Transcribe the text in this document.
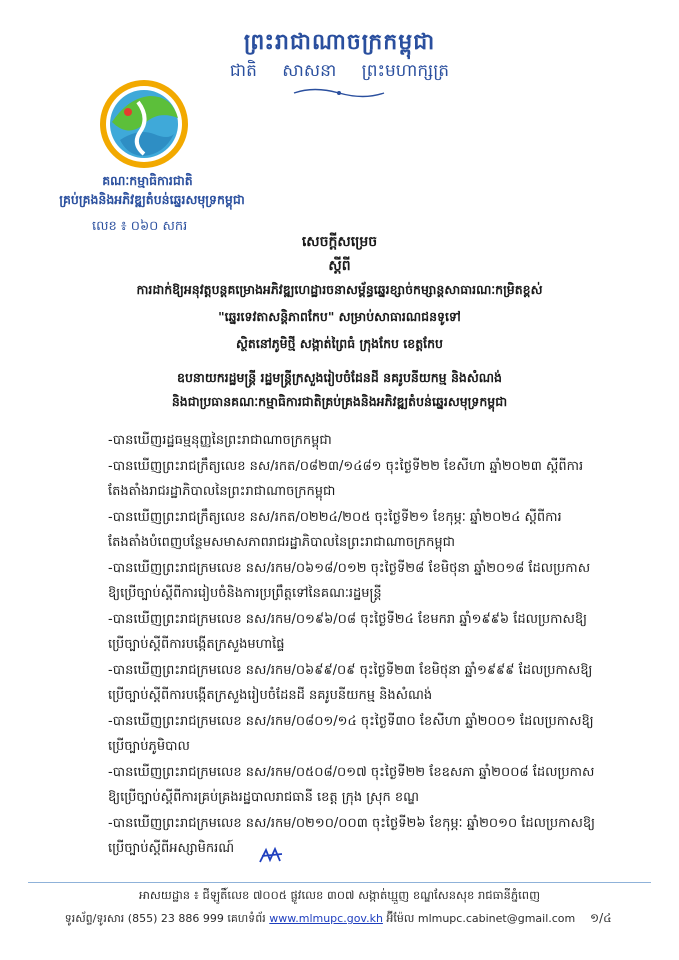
ព្រះរាជាណាចក្រកម្ពុជា
ជាតិ សាសនា ព្រះមហាក្សត្រ
គណៈកម្មាធិការជាតិ
គ្រប់គ្រងនិងអភិវឌ្ឍតំបន់ឆ្នេរសមុទ្រកម្ពុជា
លេខ ៖ ០៦០ សករ
សេចក្តីសម្រេច
ស្តីពី
ការដាក់ឱ្យអនុវត្តបន្តគម្រោងអភិវឌ្ឍហេដ្ឋារចនាសម្ព័ន្ធឆ្នេរខ្សាច់កម្សាន្តសាធារណៈកម្រិតខ្ពស់
"ឆ្នេរទេវតាសន្តិភាពកែប" សម្រាប់សាធារណជនទូទៅ
ស្ថិតនៅភូមិថ្មី សង្កាត់ព្រៃធំ ក្រុងកែប ខេត្តកែប
ឧបនាយករដ្ឋមន្ត្រី រដ្ឋមន្ត្រីក្រសួងរៀបចំដែនដី នគរូបនីយកម្ម និងសំណង់
និងជាប្រធានគណៈកម្មាធិការជាតិគ្រប់គ្រងនិងអភិវឌ្ឍតំបន់ឆ្នេរសមុទ្រកម្ពុជា
-បានឃើញរដ្ឋធម្មនុញ្ញនៃព្រះរាជាណាចក្រកម្ពុជា
-បានឃើញព្រះរាជក្រឹត្យលេខ នស/រកត/០៨២៣/១៤៨១ ចុះថ្ងៃទី២២ ខែសីហា ឆ្នាំ២០២៣ ស្តីពីការ
តែងតាំងរាជរដ្ឋាភិបាលនៃព្រះរាជាណាចក្រកម្ពុជា
-បានឃើញព្រះរាជក្រឹត្យលេខ នស/រកត/០២២៤/២០៥ ចុះថ្ងៃទី២១ ខែកុម្ភៈ ឆ្នាំ២០២៤ ស្តីពីការ
តែងតាំងបំពេញបន្ថែមសមាសភាពរាជរដ្ឋាភិបាលនៃព្រះរាជាណាចក្រកម្ពុជា
-បានឃើញព្រះរាជក្រមលេខ នស/រកម/០៦១៨/០១២ ចុះថ្ងៃទី២៨ ខែមិថុនា ឆ្នាំ២០១៨ ដែលប្រកាស
ឱ្យប្រើច្បាប់ស្តីពីការរៀបចំនិងការប្រព្រឹត្តទៅនៃគណៈរដ្ឋមន្ត្រី
-បានឃើញព្រះរាជក្រមលេខ នស/រកម/០១៩៦/០៨ ចុះថ្ងៃទី២៤ ខែមករា ឆ្នាំ១៩៩៦ ដែលប្រកាសឱ្យ
ប្រើច្បាប់ស្តីពីការបង្កើតក្រសួងមហាផ្ទៃ
-បានឃើញព្រះរាជក្រមលេខ នស/រកម/០៦៩៩/០៩ ចុះថ្ងៃទី២៣ ខែមិថុនា ឆ្នាំ១៩៩៩ ដែលប្រកាសឱ្យ
ប្រើច្បាប់ស្តីពីការបង្កើតក្រសួងរៀបចំដែនដី នគរូបនីយកម្ម និងសំណង់
-បានឃើញព្រះរាជក្រមលេខ នស/រកម/០៨០១/១៤ ចុះថ្ងៃទី៣០ ខែសីហា ឆ្នាំ២០០១ ដែលប្រកាសឱ្យ
ប្រើច្បាប់ភូមិបាល
-បានឃើញព្រះរាជក្រមលេខ នស/រកម/០៥០៨/០១៧ ចុះថ្ងៃទី២២ ខែឧសភា ឆ្នាំ២០០៨ ដែលប្រកាស
ឱ្យប្រើច្បាប់ស្តីពីការគ្រប់គ្រងរដ្ឋបាលរាជធានី ខេត្ត ក្រុង ស្រុក ខណ្ឌ
-បានឃើញព្រះរាជក្រមលេខ នស/រកម/០២១០/០០៣ ចុះថ្ងៃទី២៦ ខែកុម្ភៈ ឆ្នាំ២០១០ ដែលប្រកាសឱ្យ
ប្រើច្បាប់ស្តីពីអស្សាមិករណ៍
អាសយដ្ឋាន ៖ ជីឡូតិ៍លេខ ៧០០៥ ផ្លូវលេខ ៣០៧ សង្កាត់ឃ្មួញ ខណ្ឌសែនសុខ រាជធានីភ្នំពេញ
ទូរស័ព្ទ/ទូរសារ (855) 23 886 999 គេហទំព័រ www.mlmupc.gov.kh អ៊ីម៉ែល mlmupc.cabinet@gmail.com	១/៤
